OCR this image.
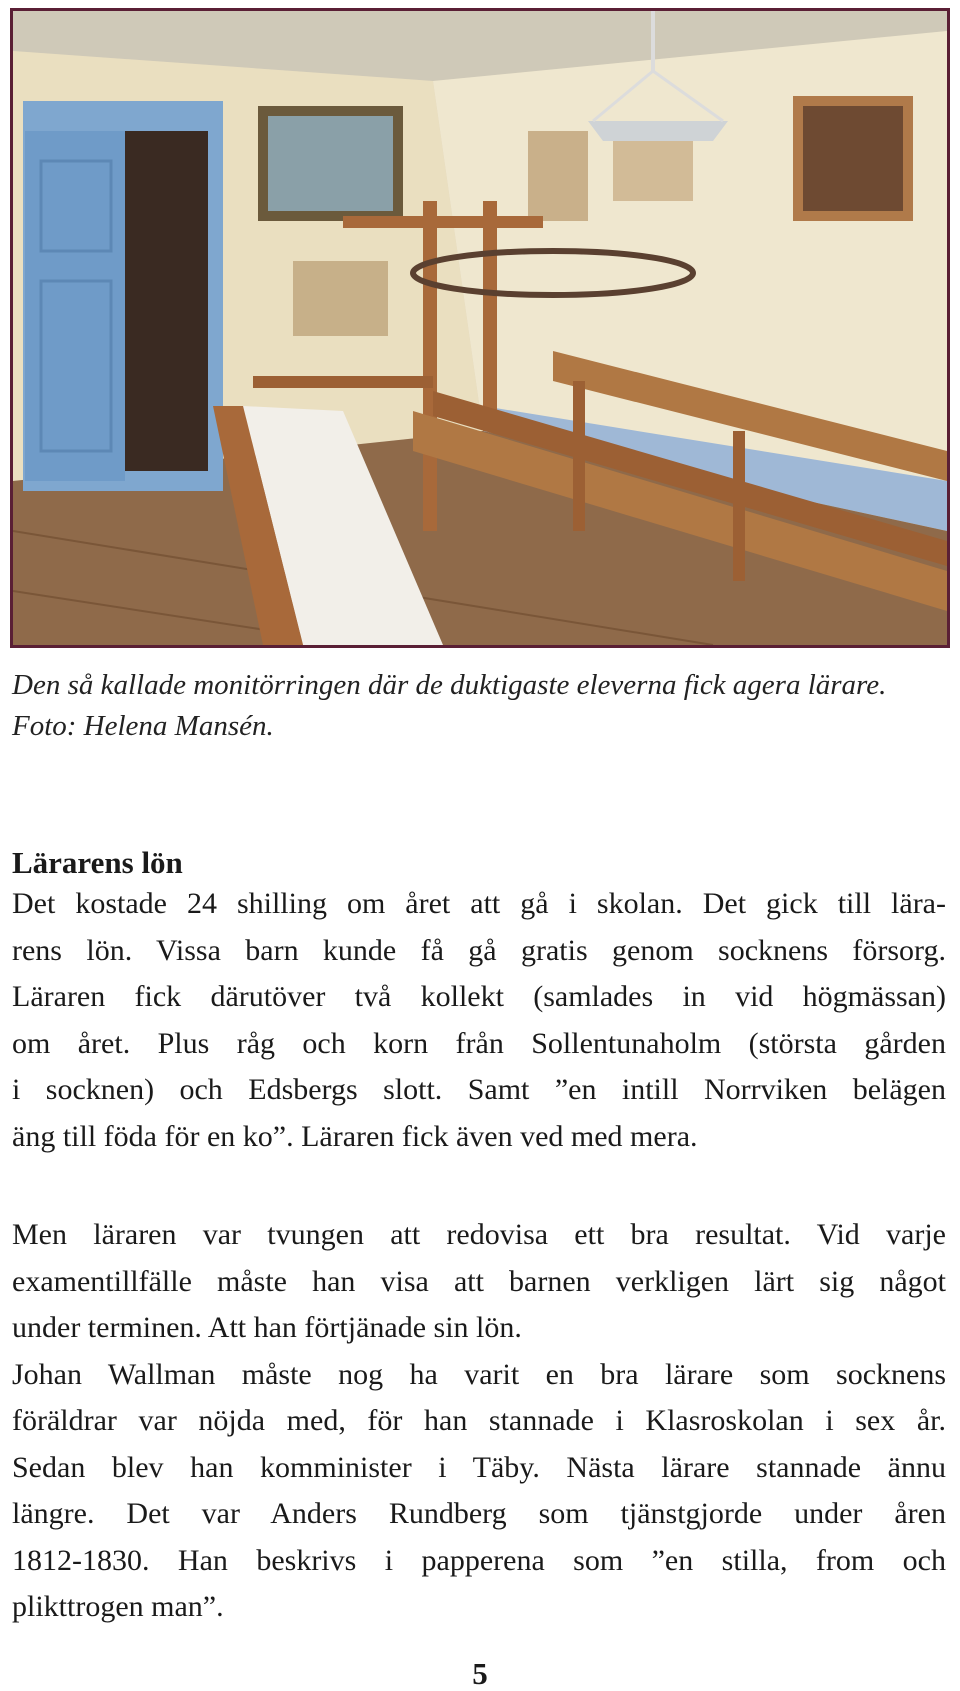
Den så kallade monitörringen där de duktigaste eleverna fick agera lärare.

Foto: Helena Mansén.

Lärarens lön

Det kostade 24 shilling om året att gå i skolan. Det gick till lära-

rens lön. Vissa barn kunde få gå gratis genom socknens försorg.

Läraren fick därutöver två kollekt (samlades in vid högmässan)

om året. Plus råg och korn från Sollentunaholm (största gården

i socknen) och Edsbergs slott. Samt ”en intill Norrviken belägen

äng till föda för en ko”. Läraren fick även ved med mera.

Men läraren var tvungen att redovisa ett bra resultat. Vid varje

examentillfälle måste han visa att barnen verkligen lärt sig något

under terminen. Att han förtjänade sin lön.

Johan Wallman måste nog ha varit en bra lärare som socknens

föräldrar var nöjda med, för han stannade i Klasroskolan i sex år.

Sedan blev han komminister i Täby. Nästa lärare stannade ännu

längre. Det var Anders Rundberg som tjänstgjorde under åren

1812-1830. Han beskrivs i papperena som ”en stilla, from och

plikttrogen man”.

5
